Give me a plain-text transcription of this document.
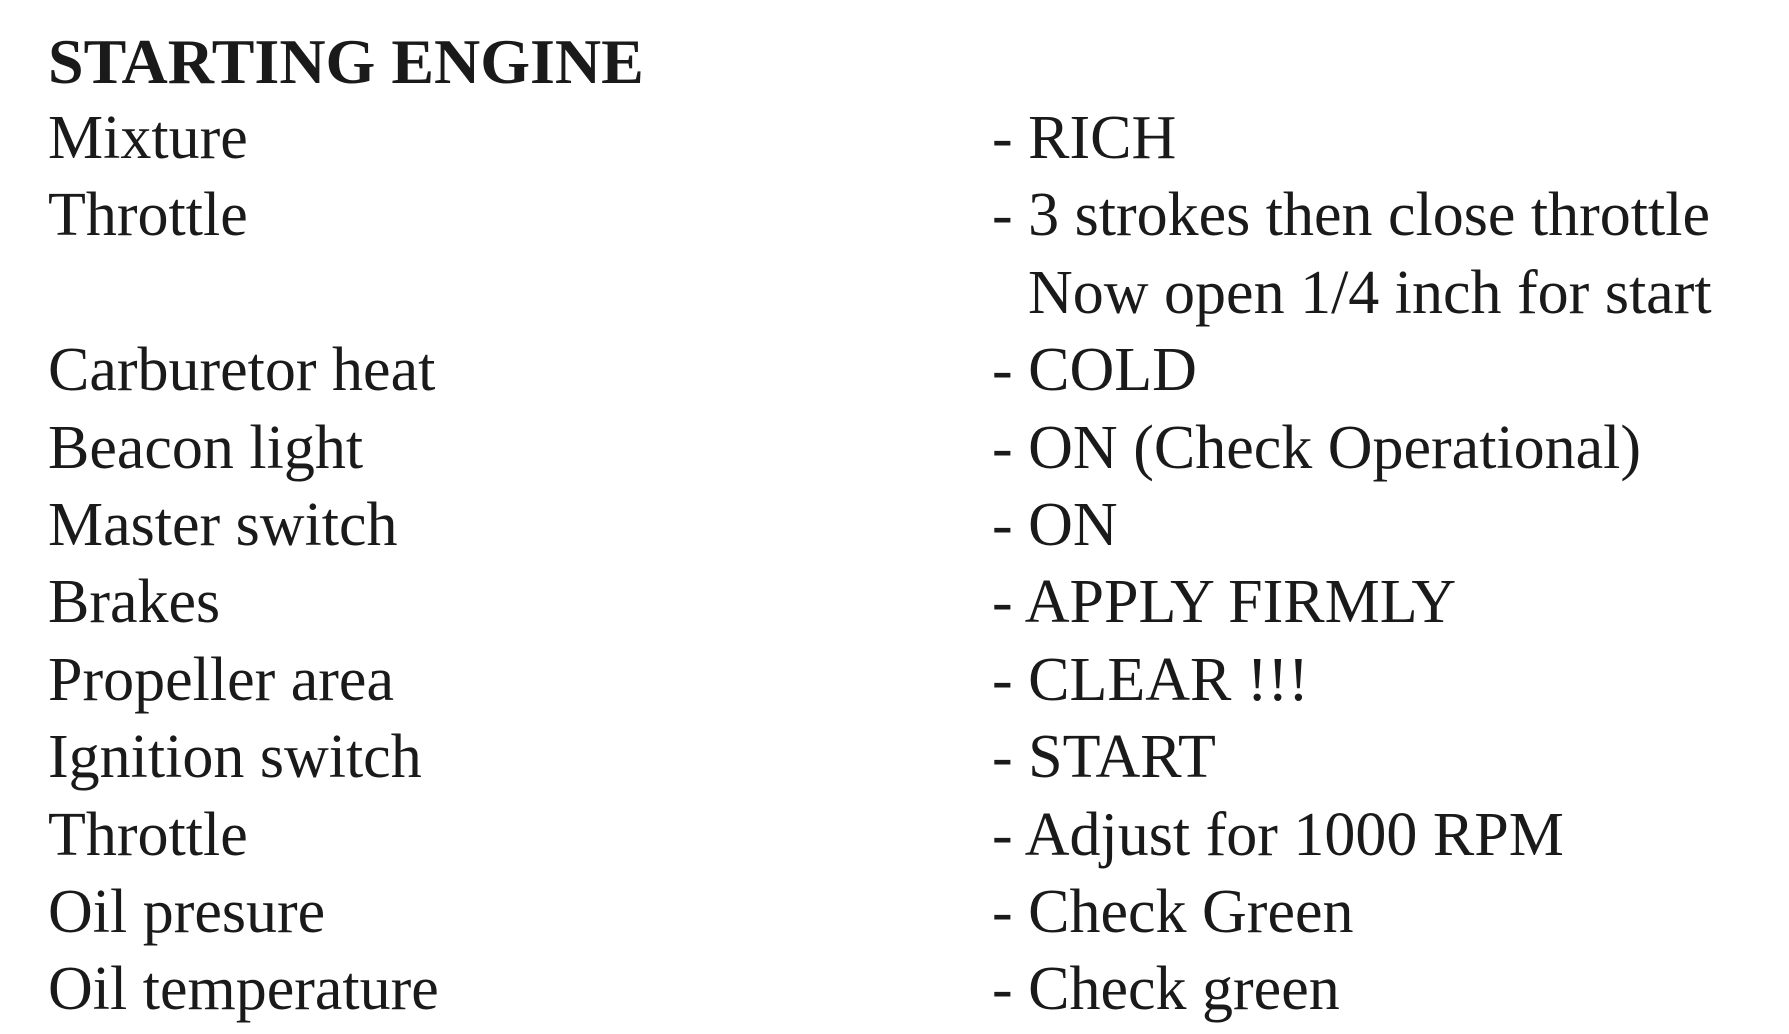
STARTING ENGINE
Mixture	- RICH
Throttle	- 3 strokes then close throttle
Now open 1/4 inch for start
Carburetor heat	- COLD
Beacon light	- ON (Check Operational)
Master switch	- ON
Brakes	- APPLY FIRMLY
Propeller area	- CLEAR !!!
Ignition switch	- START
Throttle	- Adjust for 1000 RPM
Oil presure	- Check Green
Oil temperature	- Check green
